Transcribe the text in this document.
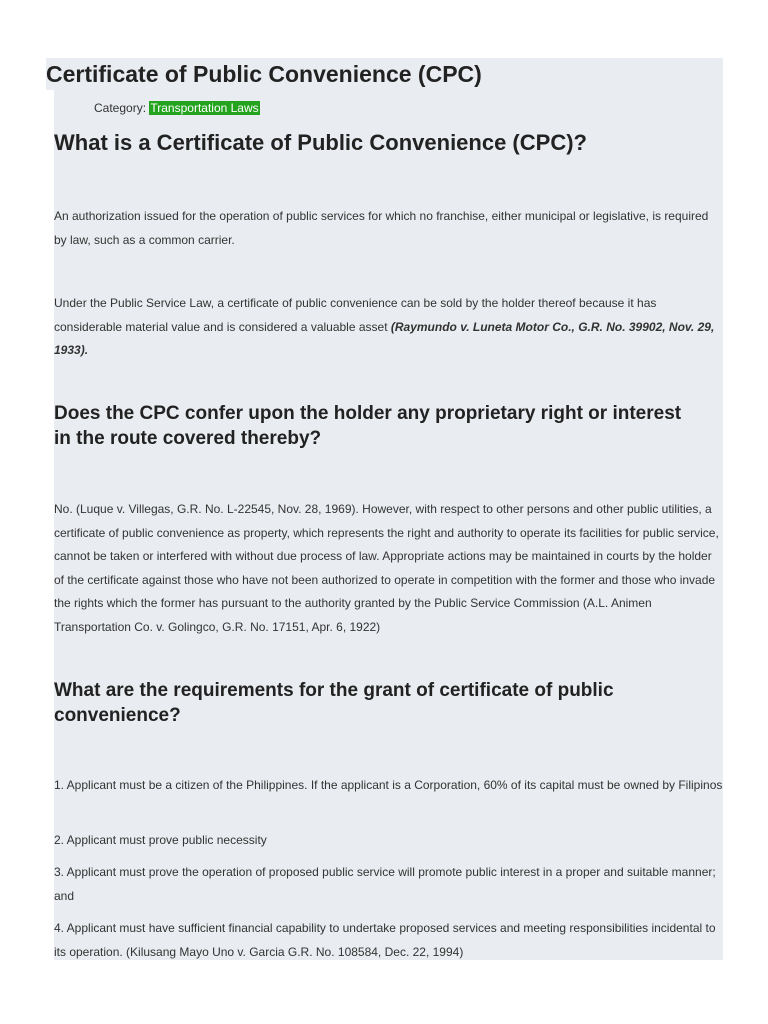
Certificate of Public Convenience (CPC)
Category: Transportation Laws
What is a Certificate of Public Convenience (CPC)?

An authorization issued for the operation of public services for which no franchise, either municipal or legislative, is required by law, such as a common carrier.

Under the Public Service Law, a certificate of public convenience can be sold by the holder thereof because it has considerable material value and is considered a valuable asset (Raymundo v. Luneta Motor Co., G.R. No. 39902, Nov. 29, 1933).

Does the CPC confer upon the holder any proprietary right or interest in the route covered thereby?

No. (Luque v. Villegas, G.R. No. L-22545, Nov. 28, 1969). However, with respect to other persons and other public utilities, a certificate of public convenience as property, which represents the right and authority to operate its facilities for public service, cannot be taken or interfered with without due process of law. Appropriate actions may be maintained in courts by the holder of the certificate against those who have not been authorized to operate in competition with the former and those who invade the rights which the former has pursuant to the authority granted by the Public Service Commission (A.L. Animen Transportation Co. v. Golingco, G.R. No. 17151, Apr. 6, 1922)

What are the requirements for the grant of certificate of public convenience?

1. Applicant must be a citizen of the Philippines. If the applicant is a Corporation, 60% of its capital must be owned by Filipinos

2. Applicant must prove public necessity

3. Applicant must prove the operation of proposed public service will promote public interest in a proper and suitable manner; and

4. Applicant must have sufficient financial capability to undertake proposed services and meeting responsibilities incidental to its operation. (Kilusang Mayo Uno v. Garcia G.R. No. 108584, Dec. 22, 1994)
